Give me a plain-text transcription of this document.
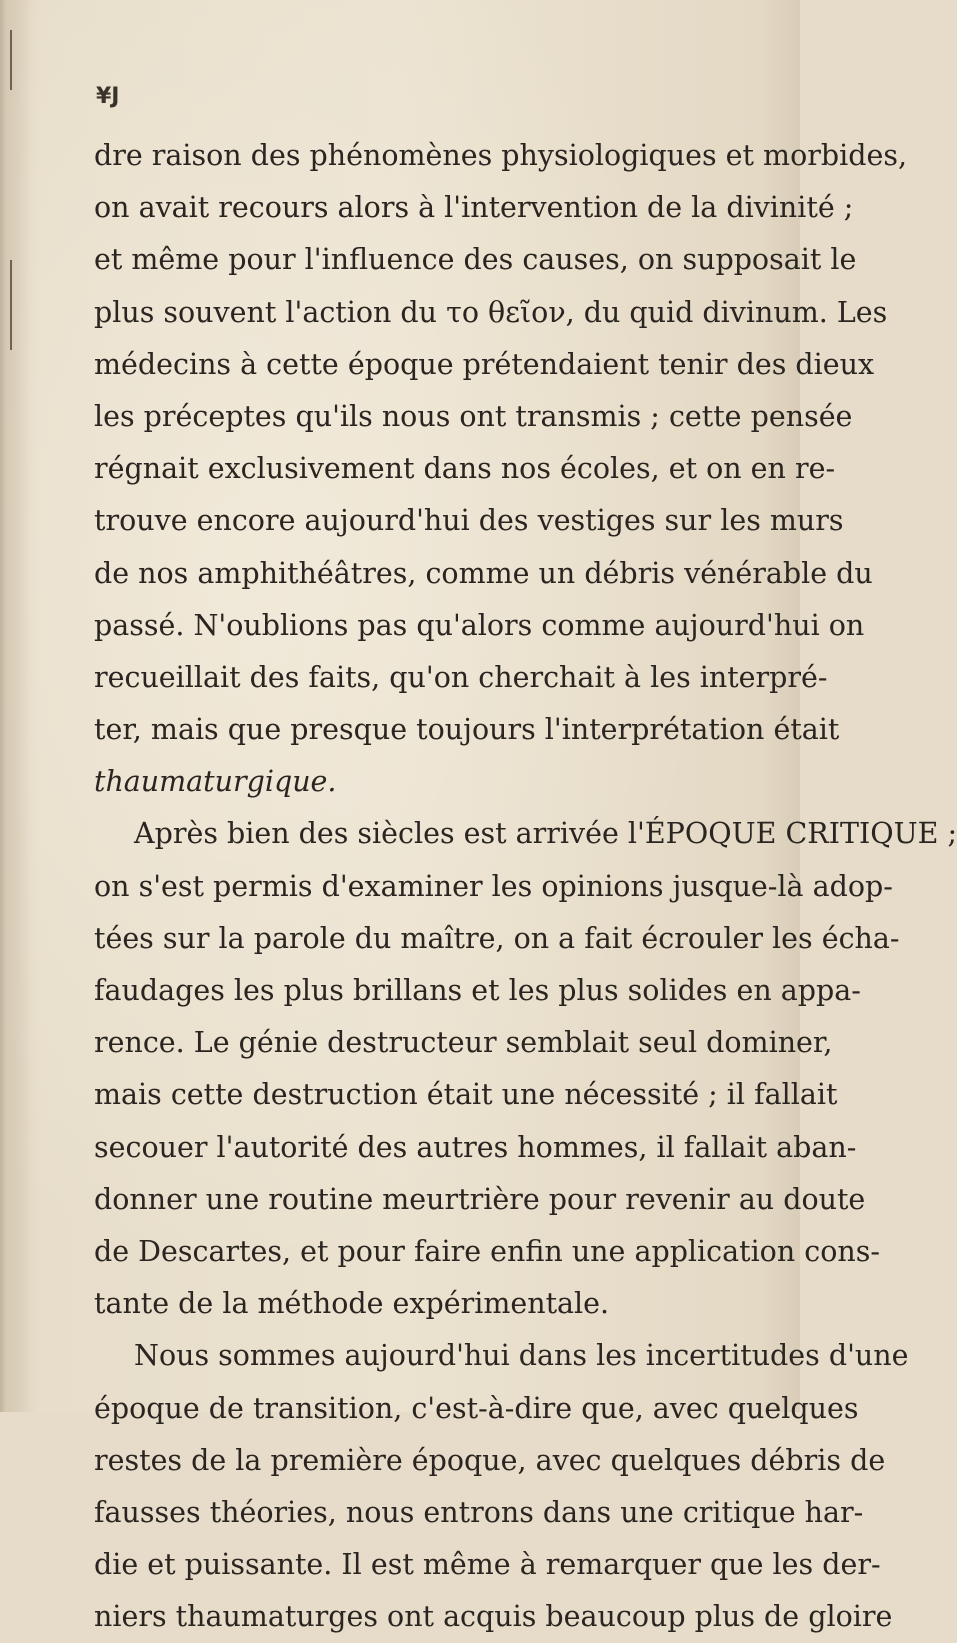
¥J
dre raison des phénomènes physiologiques et morbides,
on avait recours alors à l'intervention de la divinité ;
et même pour l'influence des causes, on supposait le
plus souvent l'action du το θεῖον, du quid divinum. Les
médecins à cette époque prétendaient tenir des dieux
les préceptes qu'ils nous ont transmis ; cette pensée
régnait exclusivement dans nos écoles, et on en re-
trouve encore aujourd'hui des vestiges sur les murs
de nos amphithéâtres, comme un débris vénérable du
passé. N'oublions pas qu'alors comme aujourd'hui on
recueillait des faits, qu'on cherchait à les interpré-
ter, mais que presque toujours l'interprétation était
thaumaturgique.
Après bien des siècles est arrivée l'ÉPOQUE CRITIQUE ;
on s'est permis d'examiner les opinions jusque-là adop-
tées sur la parole du maître, on a fait écrouler les écha-
faudages les plus brillans et les plus solides en appa-
rence. Le génie destructeur semblait seul dominer,
mais cette destruction était une nécessité ; il fallait
secouer l'autorité des autres hommes, il fallait aban-
donner une routine meurtrière pour revenir au doute
de Descartes, et pour faire enfin une application cons-
tante de la méthode expérimentale.
Nous sommes aujourd'hui dans les incertitudes d'une
époque de transition, c'est-à-dire que, avec quelques
restes de la première époque, avec quelques débris de
fausses théories, nous entrons dans une critique har-
die et puissante. Il est même à remarquer que les der-
niers thaumaturges ont acquis beaucoup plus de gloire
